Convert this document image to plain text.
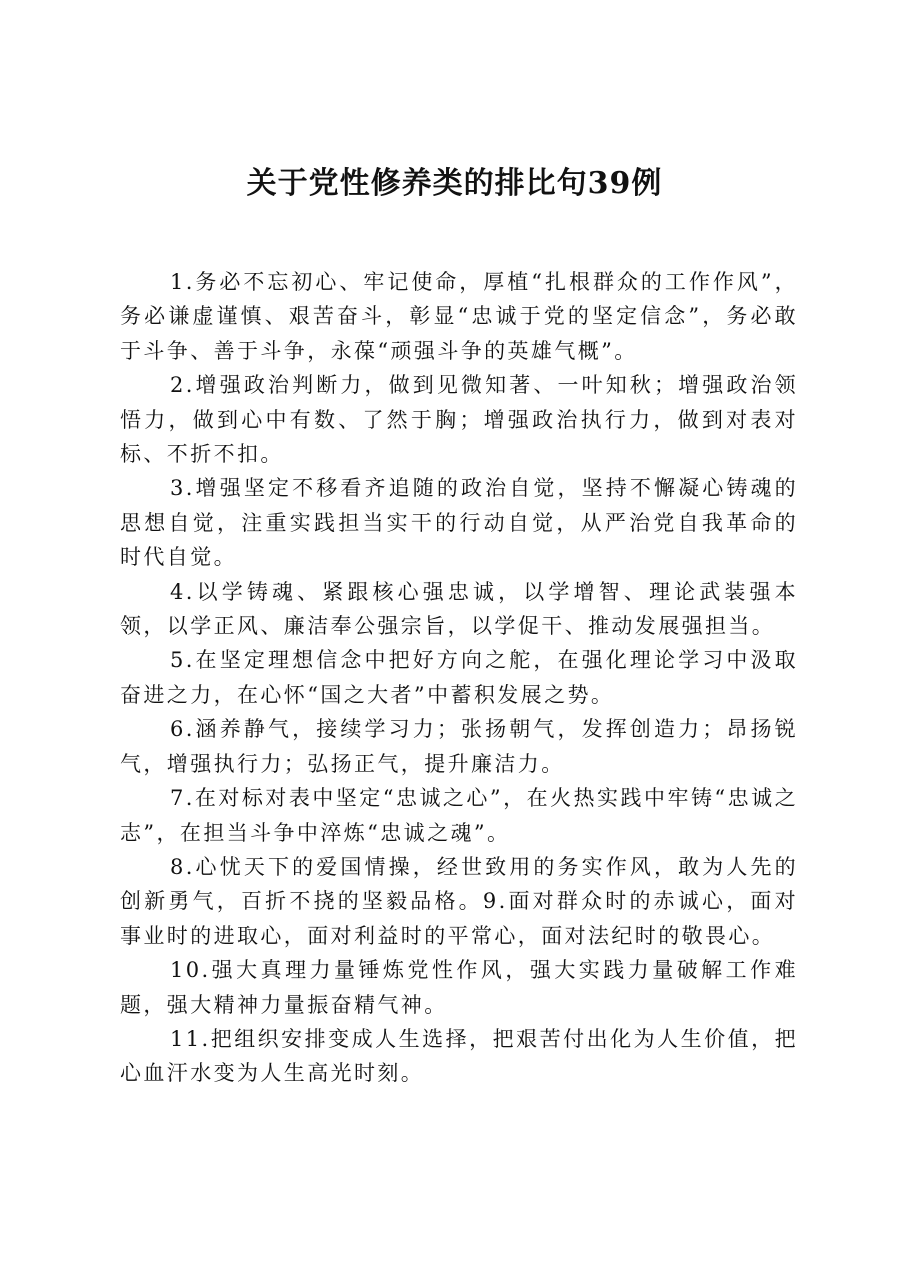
关于党性修养类的排比句39例

1.务必不忘初心、牢记使命，厚植“扎根群众的工作作风”，务必谦虚谨慎、艰苦奋斗，彰显“忠诚于党的坚定信念”，务必敢于斗争、善于斗争，永葆“顽强斗争的英雄气概”。

2.增强政治判断力，做到见微知著、一叶知秋；增强政治领悟力，做到心中有数、了然于胸；增强政治执行力，做到对表对标、不折不扣。

3.增强坚定不移看齐追随的政治自觉，坚持不懈凝心铸魂的思想自觉，注重实践担当实干的行动自觉，从严治党自我革命的时代自觉。

4.以学铸魂、紧跟核心强忠诚，以学增智、理论武装强本领，以学正风、廉洁奉公强宗旨，以学促干、推动发展强担当。

5.在坚定理想信念中把好方向之舵，在强化理论学习中汲取奋进之力，在心怀“国之大者”中蓄积发展之势。

6.涵养静气，接续学习力；张扬朝气，发挥创造力；昂扬锐气，增强执行力；弘扬正气，提升廉洁力。

7.在对标对表中坚定“忠诚之心”，在火热实践中牢铸“忠诚之志”，在担当斗争中淬炼“忠诚之魂”。

8.心忧天下的爱国情操，经世致用的务实作风，敢为人先的创新勇气，百折不挠的坚毅品格。9.面对群众时的赤诚心，面对事业时的进取心，面对利益时的平常心，面对法纪时的敬畏心。

10.强大真理力量锤炼党性作风，强大实践力量破解工作难题，强大精神力量振奋精气神。

11.把组织安排变成人生选择，把艰苦付出化为人生价值，把心血汗水变为人生高光时刻。
